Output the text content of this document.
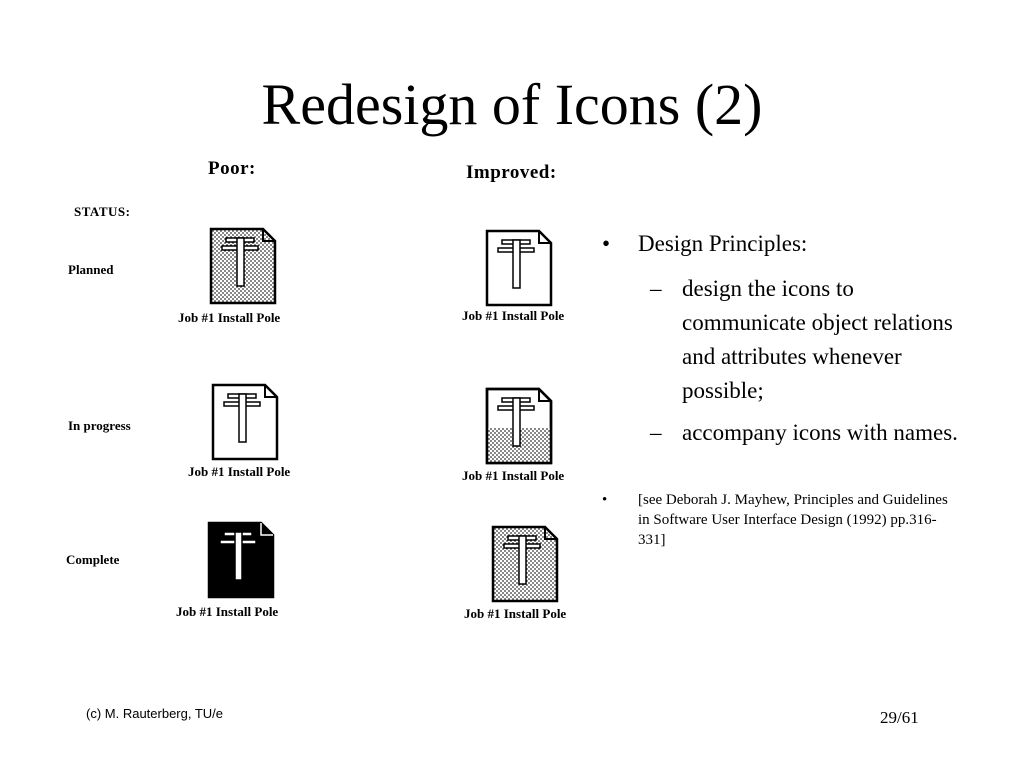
Redesign of Icons (2)
Poor:	Improved:
STATUS:
Planned
Job #1 Install Pole	Job #1 Install Pole
In progress
Job #1 Install Pole	Job #1 Install Pole
Complete
Job #1 Install Pole	Job #1 Install Pole
• Design Principles:
– design the icons to communicate object relations and attributes whenever possible;
– accompany icons with names.
• [see Deborah J. Mayhew, Principles and Guidelines in Software User Interface Design (1992) pp.316-331]
(c) M. Rauterberg, TU/e	29/61
